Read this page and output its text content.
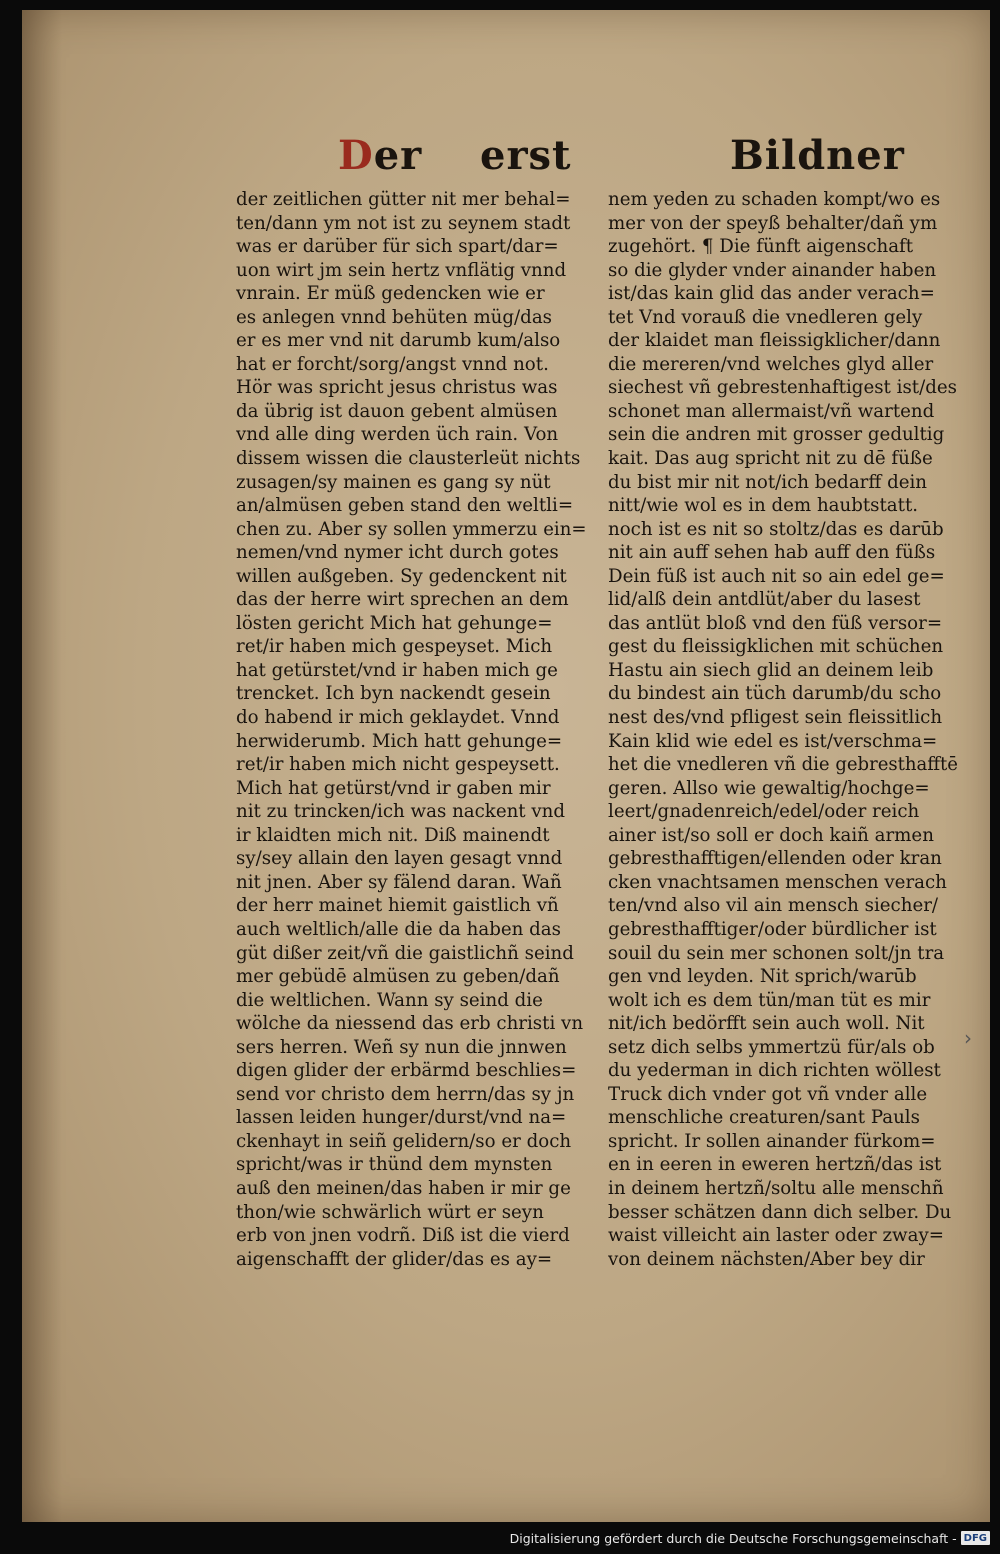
Der erst	Bildner
der zeitlichen gütter nit mer behal=
ten/dann ym not ist zu seynem stadt
was er darüber für sich spart/dar=
uon wirt jm sein hertz vnflätig vnnd
vnrain. Er müß gedencken wie er
es anlegen vnnd behüten müg/das
er es mer vnd nit darumb kum/also
hat er forcht/sorg/angst vnnd not.
Hör was spricht jesus christus was
da übrig ist dauon gebent almüsen
vnd alle ding werden üch rain. Von
dissem wissen die clausterleüt nichts
zusagen/sy mainen es gang sy nüt
an/almüsen geben stand den weltli=
chen zu. Aber sy sollen ymmerzu ein=
nemen/vnd nymer icht durch gotes
willen außgeben. Sy gedenckent nit
das der herre wirt sprechen an dem
lösten gericht Mich hat gehunge=
ret/ir haben mich gespeyset. Mich
hat getürstet/vnd ir haben mich ge
trencket. Ich byn nackendt gesein
do habend ir mich geklaydet. Vnnd
herwiderumb. Mich hatt gehunge=
ret/ir haben mich nicht gespeysett.
Mich hat getürst/vnd ir gaben mir
nit zu trincken/ich was nackent vnd
ir klaidten mich nit. Diß mainendt
sy/sey allain den layen gesagt vnnd
nit jnen. Aber sy fälend daran. Wañ
der herr mainet hiemit gaistlich vñ
auch weltlich/alle die da haben das
güt dißer zeit/vñ die gaistlichñ seind
mer gebüdē almüsen zu geben/dañ
die weltlichen. Wann sy seind die
wölche da niessend das erb christi vn
sers herren. Weñ sy nun die jnnwen
digen glider der erbärmd beschlies=
send vor christo dem herrn/das sy jn
lassen leiden hunger/durst/vnd na=
ckenhayt in seiñ gelidern/so er doch
spricht/was ir thünd dem mynsten
auß den meinen/das haben ir mir ge
thon/wie schwärlich würt er seyn
erb von jnen vodrñ. Diß ist die vierd
aigenschafft der glider/das es ay=
nem yeden zu schaden kompt/wo es
mer von der speyß behalter/dañ ym
zugehört. ¶ Die fünft aigenschaft
so die glyder vnder ainander haben
ist/das kain glid das ander verach=
tet Vnd vorauß die vnedleren gely
der klaidet man fleissigklicher/dann
die mereren/vnd welches glyd aller
siechest vñ gebrestenhaftigest ist/des
schonet man allermaist/vñ wartend
sein die andren mit grosser gedultig
kait. Das aug spricht nit zu dē füße
du bist mir nit not/ich bedarff dein
nitt/wie wol es in dem haubtstatt.
noch ist es nit so stoltz/das es darūb
nit ain auff sehen hab auff den füßs
Dein füß ist auch nit so ain edel ge=
lid/alß dein antdlüt/aber du lasest
das antlüt bloß vnd den füß versor=
gest du fleissigklichen mit schüchen
Hastu ain siech glid an deinem leib
du bindest ain tüch darumb/du scho
nest des/vnd pfligest sein fleissitlich
Kain klid wie edel es ist/verschma=
het die vnedleren vñ die gebresthafftē
geren. Allso wie gewaltig/hochge=
leert/gnadenreich/edel/oder reich
ainer ist/so soll er doch kaiñ armen
gebresthafftigen/ellenden oder kran
cken vnachtsamen menschen verach
ten/vnd also vil ain mensch siecher/
gebresthafftiger/oder bürdlicher ist
souil du sein mer schonen solt/jn tra
gen vnd leyden. Nit sprich/warūb
wolt ich es dem tün/man tüt es mir
nit/ich bedörfft sein auch woll. Nit
setz dich selbs ymmertzü für/als ob
du yederman in dich richten wöllest
Truck dich vnder got vñ vnder alle
menschliche creaturen/sant Pauls
spricht. Ir sollen ainander fürkom=
en in eeren in eweren hertzñ/das ist
in deinem hertzñ/soltu alle menschñ
besser schätzen dann dich selber. Du
waist villeicht ain laster oder zway=
von deinem nächsten/Aber bey dir
›
Digitalisierung gefördert durch die Deutsche Forschungsgemeinschaft - DFG
